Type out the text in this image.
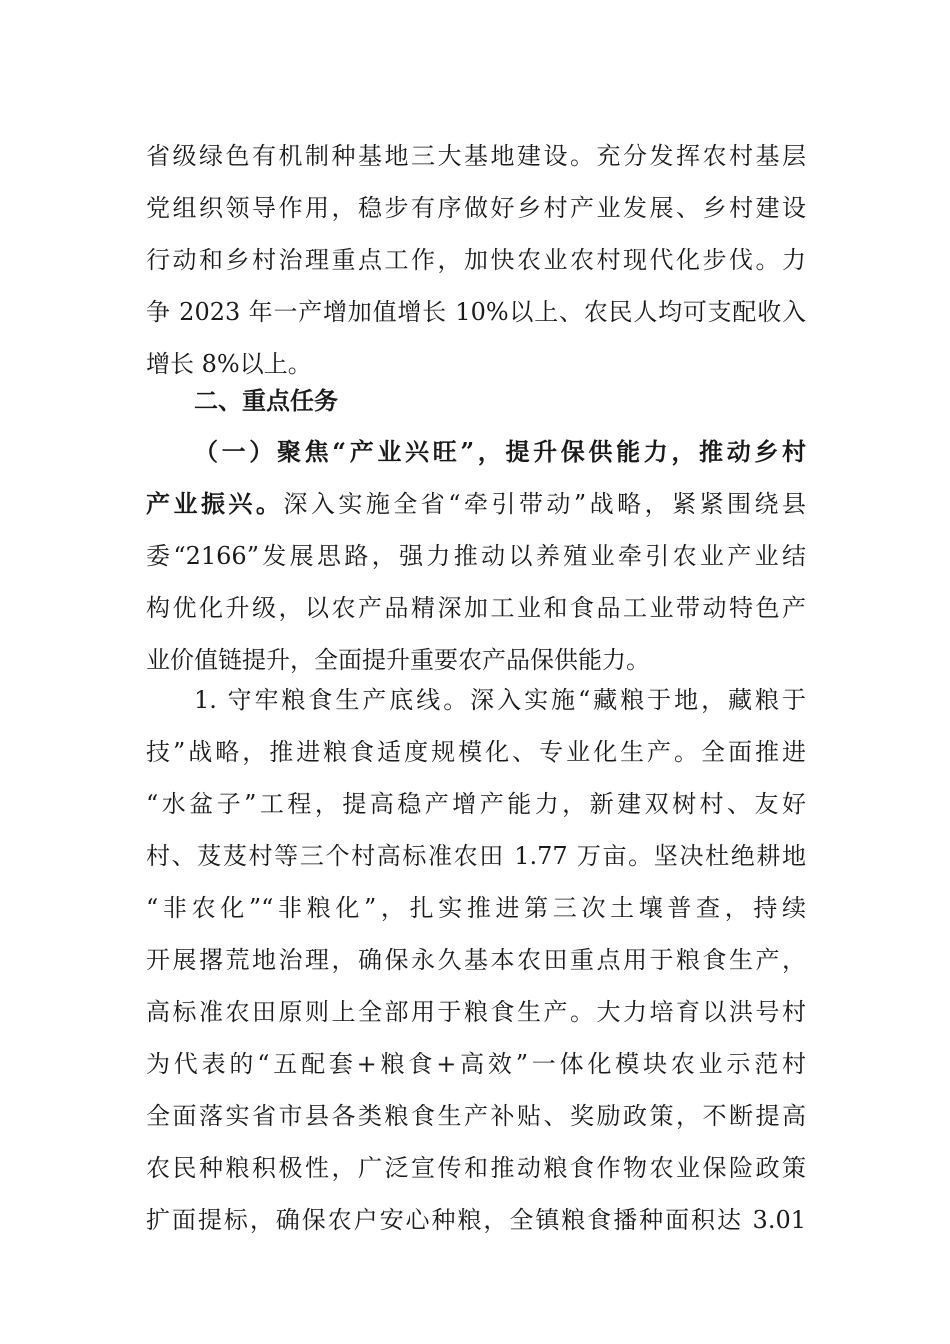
省级绿色有机制种基地三大基地建设。充分发挥农村基层
党组织领导作用，稳步有序做好乡村产业发展、乡村建设
行动和乡村治理重点工作，加快农业农村现代化步伐。力
争 2023 年一产增加值增长 10%以上、农民人均可支配收入
增长 8%以上。
二、重点任务
（一）聚焦“产业兴旺”，提升保供能力，推动乡村
产业振兴。深入实施全省“牵引带动”战略，紧紧围绕县
委“2166”发展思路，强力推动以养殖业牵引农业产业结
构优化升级，以农产品精深加工业和食品工业带动特色产
业价值链提升，全面提升重要农产品保供能力。
1. 守牢粮食生产底线。深入实施“藏粮于地，藏粮于
技”战略，推进粮食适度规模化、专业化生产。全面推进
“水盆子”工程，提高稳产增产能力，新建双树村、友好
村、芨芨村等三个村高标准农田 1.77 万亩。坚决杜绝耕地
“非农化”“非粮化”，扎实推进第三次土壤普查，持续
开展撂荒地治理，确保永久基本农田重点用于粮食生产，
高标准农田原则上全部用于粮食生产。大力培育以洪号村
为代表的“五配套+粮食+高效”一体化模块农业示范村
全面落实省市县各类粮食生产补贴、奖励政策，不断提高
农民种粮积极性，广泛宣传和推动粮食作物农业保险政策
扩面提标，确保农户安心种粮，全镇粮食播种面积达 3.01
